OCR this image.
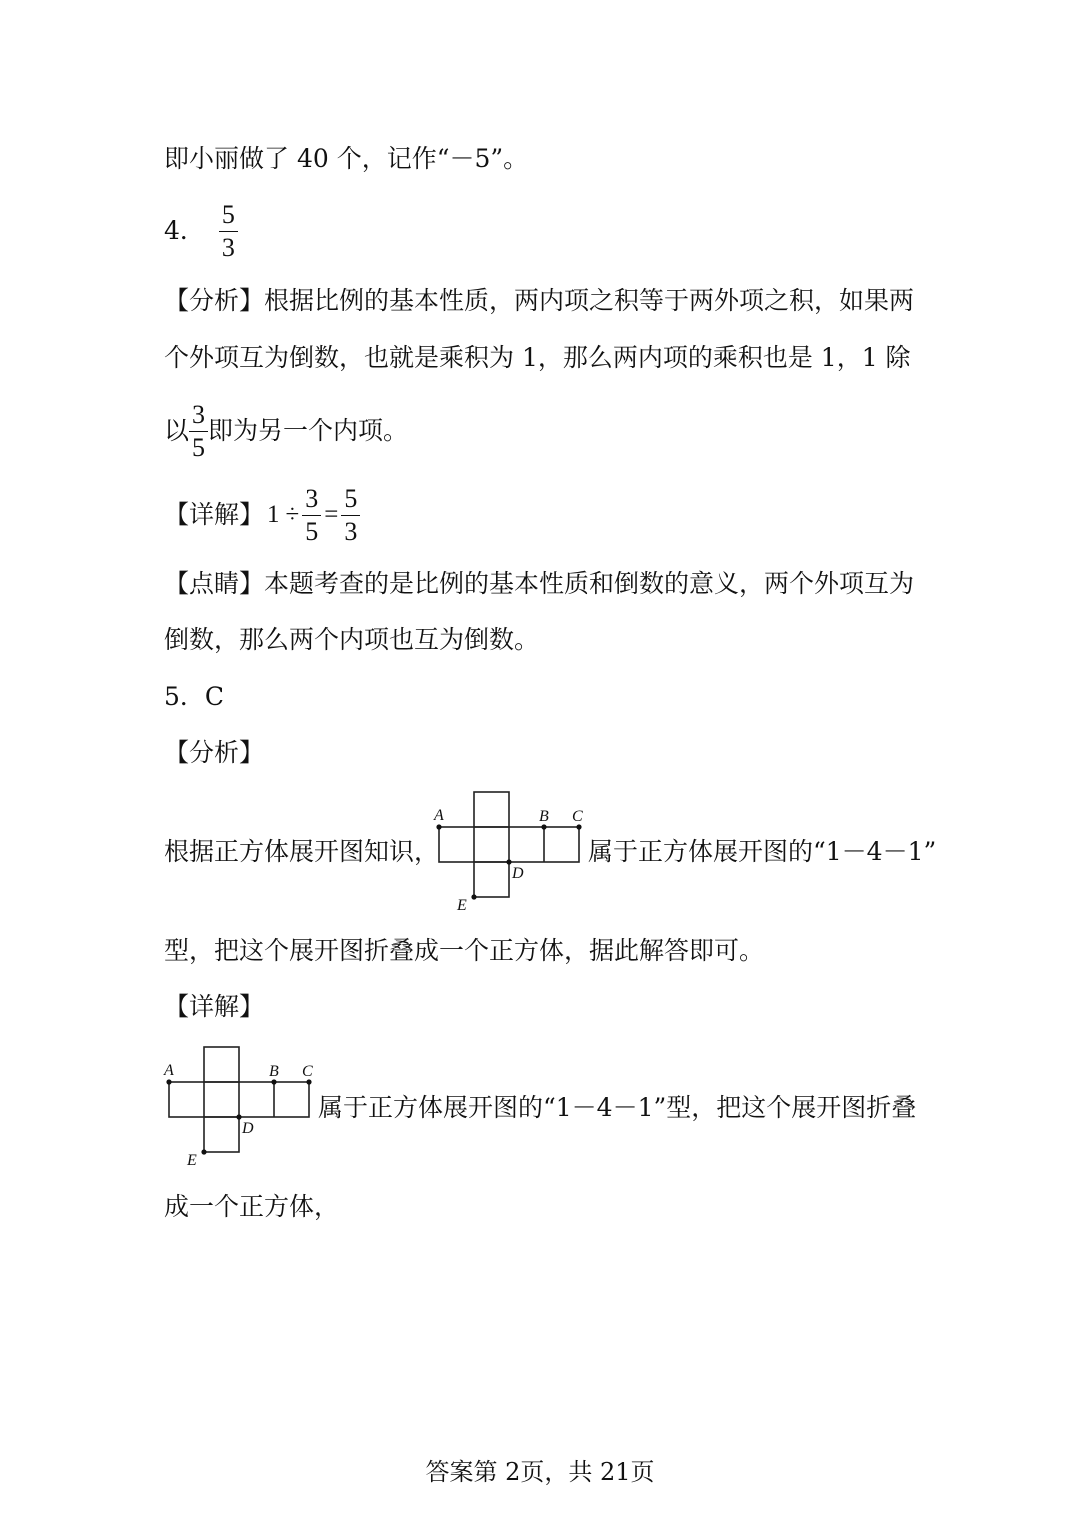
即小丽做了 40 个，记作“－5”。
4． $\frac{5}{3}$
【分析】根据比例的基本性质，两内项之积等于两外项之积，如果两
个外项互为倒数，也就是乘积为 1，那么两内项的乘积也是 1，1 除
以 $\frac{3}{5}$ 即为另一个内项。
【详解】 $1 \div \frac{3}{5} = \frac{5}{3}$
【点睛】本题考查的是比例的基本性质和倒数的意义，两个外项互为
倒数，那么两个内项也互为倒数。
5．C
【分析】
根据正方体展开图知识，
A	B C
D
E
属于正方体展开图的“1－4－1”
型，把这个展开图折叠成一个正方体，据此解答即可。
【详解】
A	B C
D
E
属于正方体展开图的“1－4－1”型，把这个展开图折叠
成一个正方体，
答案第 2页，共 21页
